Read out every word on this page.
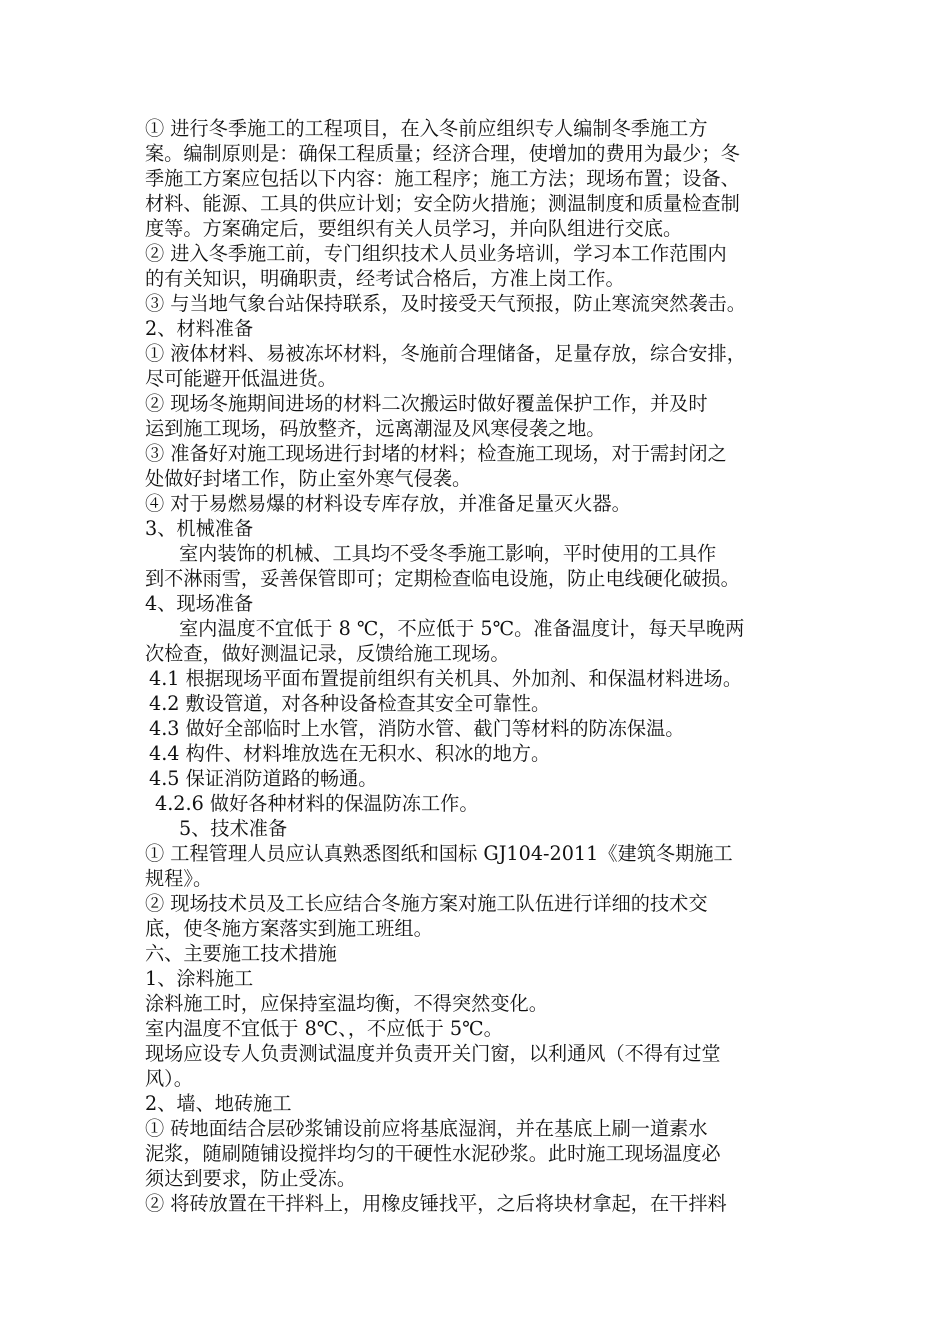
① 进行冬季施工的工程项目，在入冬前应组织专人编制冬季施工方
案。编制原则是：确保工程质量；经济合理，使增加的费用为最少；冬
季施工方案应包括以下内容：施工程序；施工方法；现场布置；设备、
材料、能源、工具的供应计划；安全防火措施；测温制度和质量检查制
度等。方案确定后，要组织有关人员学习，并向队组进行交底。
② 进入冬季施工前，专门组织技术人员业务培训，学习本工作范围内
的有关知识，明确职责，经考试合格后，方准上岗工作。
③ 与当地气象台站保持联系，及时接受天气预报，防止寒流突然袭击。
2、材料准备
① 液体材料、易被冻坏材料，冬施前合理储备，足量存放，综合安排，
尽可能避开低温进货。
② 现场冬施期间进场的材料二次搬运时做好覆盖保护工作，并及时
运到施工现场，码放整齐，远离潮湿及风寒侵袭之地。
③ 准备好对施工现场进行封堵的材料；检查施工现场，对于需封闭之
处做好封堵工作，防止室外寒气侵袭。
④ 对于易燃易爆的材料设专库存放，并准备足量灭火器。
3、机械准备
室内装饰的机械、工具均不受冬季施工影响，平时使用的工具作
到不淋雨雪，妥善保管即可；定期检查临电设施，防止电线硬化破损。
4、现场准备
室内温度不宜低于 8 ℃，不应低于 5℃。准备温度计，每天早晚两
次检查，做好测温记录，反馈给施工现场。
4.1 根据现场平面布置提前组织有关机具、外加剂、和保温材料进场。
4.2 敷设管道，对各种设备检查其安全可靠性。
4.3 做好全部临时上水管，消防水管、截门等材料的防冻保温。
4.4 构件、材料堆放选在无积水、积冰的地方。
4.5 保证消防道路的畅通。
4.2.6 做好各种材料的保温防冻工作。
5、技术准备
① 工程管理人员应认真熟悉图纸和国标 GJ104-2011《建筑冬期施工
规程》。
② 现场技术员及工长应结合冬施方案对施工队伍进行详细的技术交
底，使冬施方案落实到施工班组。
六、主要施工技术措施
1、涂料施工
涂料施工时，应保持室温均衡，不得突然变化。
室内温度不宜低于 8℃、，不应低于 5℃。
现场应设专人负责测试温度并负责开关门窗，以利通风（不得有过堂
风）。
2、墙、地砖施工
① 砖地面结合层砂浆铺设前应将基底湿润，并在基底上刷一道素水
泥浆，随刷随铺设搅拌均匀的干硬性水泥砂浆。此时施工现场温度必
须达到要求，防止受冻。
② 将砖放置在干拌料上，用橡皮锤找平，之后将块材拿起，在干拌料
